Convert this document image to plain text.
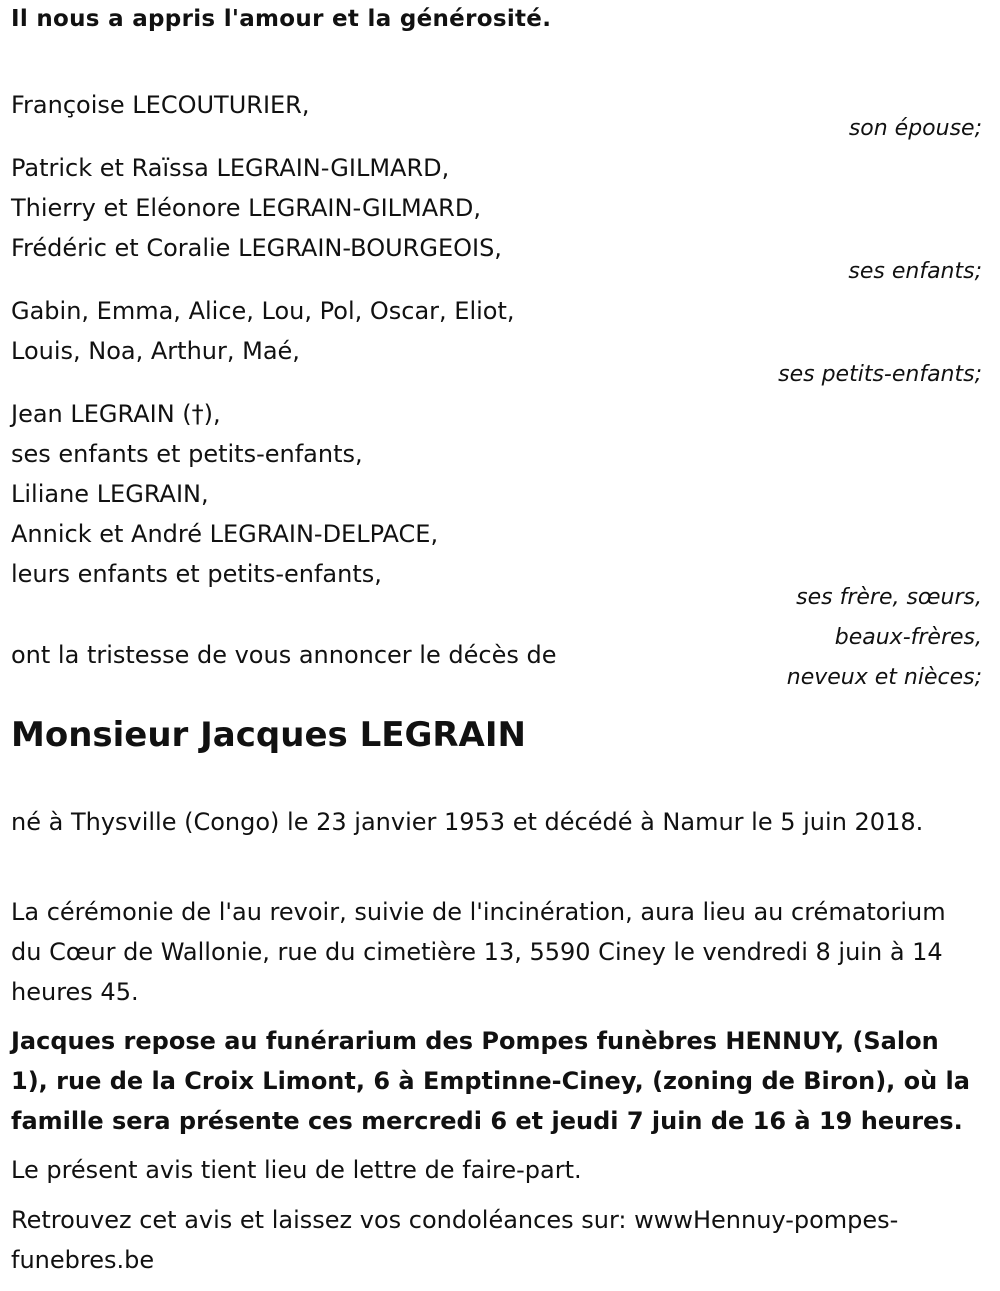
Il nous a appris l'amour et la générosité.
Françoise LECOUTURIER,
son épouse;
Patrick et Raïssa LEGRAIN-GILMARD,
Thierry et Eléonore LEGRAIN-GILMARD,
Frédéric et Coralie LEGRAIN-BOURGEOIS,
ses enfants;
Gabin, Emma, Alice, Lou, Pol, Oscar, Eliot,
Louis, Noa, Arthur, Maé,
ses petits-enfants;
Jean LEGRAIN (†),
ses enfants et petits-enfants,
Liliane LEGRAIN,
Annick et André LEGRAIN-DELPACE,
leurs enfants et petits-enfants,
ses frère, sœurs,
beaux-frères,
neveux et nièces;
ont la tristesse de vous annoncer le décès de
Monsieur Jacques LEGRAIN
né à Thysville (Congo) le 23 janvier 1953 et décédé à Namur le 5 juin 2018.
La cérémonie de l'au revoir, suivie de l'incinération, aura lieu au crématorium du Cœur de Wallonie, rue du cimetière 13, 5590 Ciney le vendredi 8 juin à 14 heures 45.
Jacques repose au funérarium des Pompes funèbres HENNUY, (Salon 1), rue de la Croix Limont, 6 à Emptinne-Ciney, (zoning de Biron), où la famille sera présente ces mercredi 6 et jeudi 7 juin de 16 à 19 heures.
Le présent avis tient lieu de lettre de faire-part.
Retrouvez cet avis et laissez vos condoléances sur: wwwHennuy-pompes-funebres.be
